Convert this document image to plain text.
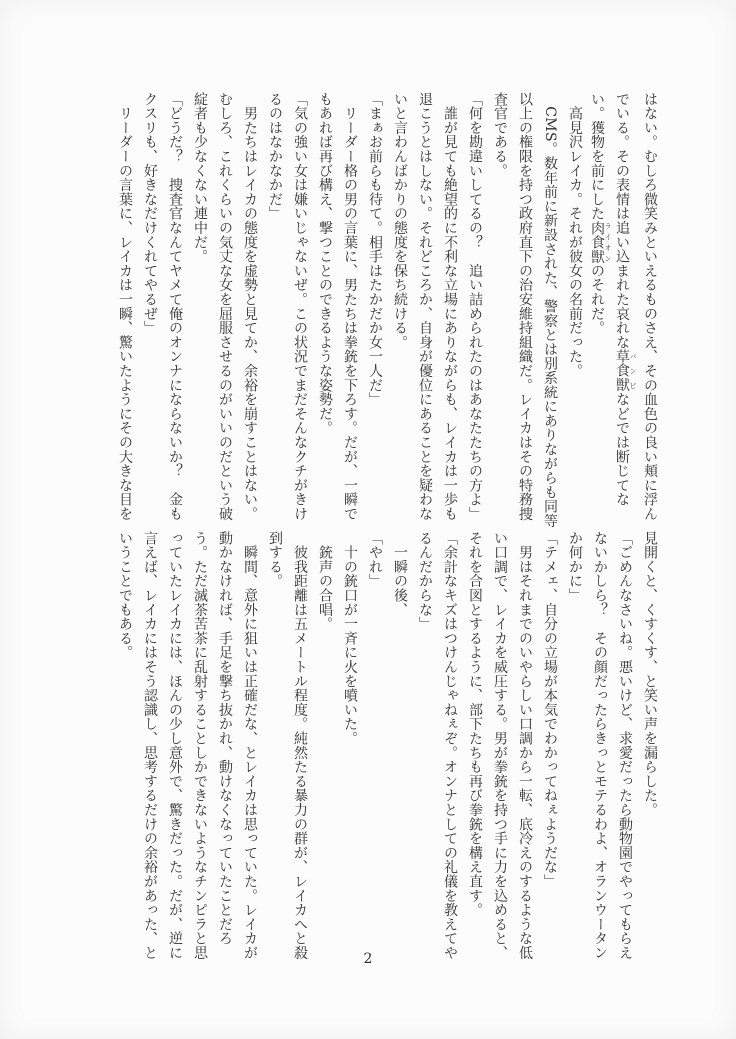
はない。むしろ微笑みといえるものさえ、その血色の良い頬に浮ん
でいる。その表情は追い込まれた哀れな草食獣 バンビなどでは断じてな
い。獲物を前にした肉食獣 ライオンのそれだ。
　高見沢レイカ。それが彼女の名前だった。
　CMS。数年前に新設された、警察とは別系統にありながらも同等
以上の権限を持つ政府直下の治安維持組織だ。レイカはその特務捜
査官である。
「何を勘違いしてるの？　追い詰められたのはあなたたちの方よ」
　誰が見ても絶望的に不利な立場にありながらも、レイカは一歩も
退こうとはしない。それどころか、自身が優位にあることを疑わな
いと言わんばかりの態度を保ち続ける。
「まぁお前らも待て。相手はたかだか女一人だ」
　リーダー格の男の言葉に、男たちは拳銃を下ろす。だが、一瞬で
もあれば再び構え、撃つことのできるような姿勢だ。
「気の強い女は嫌いじゃないぜ。この状況でまだそんなクチがきけ
るのはなかなかだ」
　男たちはレイカの態度を虚勢と見てか、余裕を崩すことはない。
むしろ、これくらいの気丈な女を屈服させるのがいいのだという破
綻者も少なくない連中だ。
「どうだ？　捜査官なんてヤメて俺のオンナにならないか？　金も
クスリも、好きなだけくれてやるぜ」
　リーダーの言葉に、レイカは一瞬、驚いたようにその大きな目を
見開くと、くすくす、と笑い声を漏らした。
「ごめんなさいね。悪いけど、求愛だったら動物園でやってもらえ
ないかしら？　その顔だったらきっとモテるわよ、オランウータン
か何かに」
「テメェ、自分の立場が本気でわかってねぇようだな」
　男はそれまでのいやらしい口調から一転、底冷えのするような低
い口調で、レイカを威圧する。男が拳銃を持つ手に力を込めると、
それを合図とするように、部下たちも再び拳銃を構え直す。
「余計なキズはつけんじゃねぇぞ。オンナとしての礼儀を教えてや
るんだからな」
　一瞬の後、
「やれ」
　十の銃口が一斉に火を噴いた。
　銃声の合唱。
　彼我距離は五メートル程度。純然たる暴力の群が、レイカへと殺
到する。
　瞬間、意外に狙いは正確だな、とレイカは思っていた。レイカが
動かなければ、手足を撃ち抜かれ、動けなくなっていたことだろ
う。ただ滅茶苦茶に乱射することしかできないようなチンピラと思
っていたレイカには、ほんの少し意外で、驚きだった。だが、逆に
言えば、レイカにはそう認識し、思考するだけの余裕があった、と
いうことでもある。
2
